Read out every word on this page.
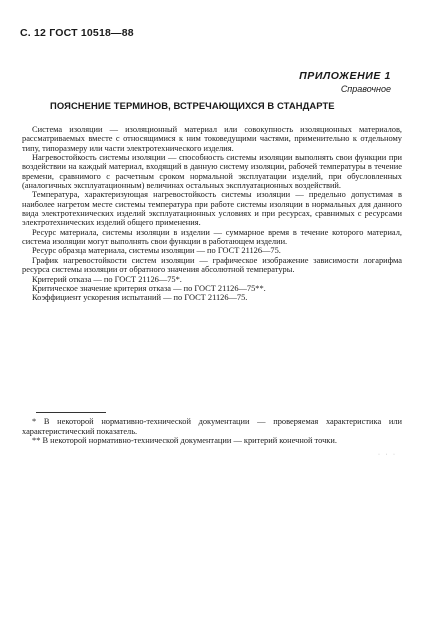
С. 12 ГОСТ 10518—88
ПРИЛОЖЕНИЕ 1
Справочное
ПОЯСНЕНИЕ ТЕРМИНОВ, ВСТРЕЧАЮЩИХСЯ В СТАНДАРТЕ

Система изоляции — изоляционный материал или совокупность изоляционных материалов, рассматриваемых вместе с относящимися к ним токоведущими частями, применительно к отдельному типу, типоразмеру или части электротехнического изделия.

Нагревостойкость системы изоляции — способность системы изоляции выполнять свои функции при воздействии на каждый материал, входящий в данную систему изоляции, рабочей температуры в течение времени, сравнимого с расчетным сроком нормальной эксплуатации изделий, при обусловленных (аналогичных эксплуатационным) величинах остальных эксплуатационных воздействий.

Температура, характеризующая нагревостойкость системы изоляции — предельно допустимая в наиболее нагретом месте системы температура при работе системы изоляции в нормальных для данного вида электротехнических изделий эксплуатационных условиях и при ресурсах, сравнимых с ресурсами электротехнических изделий общего применения.

Ресурс материала, системы изоляции в изделии — суммарное время в течение которого материал, система изоляции могут выполнять свои функции в работающем изделии.

Ресурс образца материала, системы изоляции — по ГОСТ 21126—75.

График нагревостойкости систем изоляции — графическое изображение зависимости логарифма ресурса системы изоляции от обратного значения абсолютной температуры.

Критерий отказа — по ГОСТ 21126—75*.

Критическое значение критерия отказа — по ГОСТ 21126—75**.

Коэффициент ускорения испытаний — по ГОСТ 21126—75.

* В некоторой нормативно-технической документации — проверяемая характеристика или характеристический показатель.

** В некоторой нормативно-технической документации — критерий конечной точки.

· · ·
